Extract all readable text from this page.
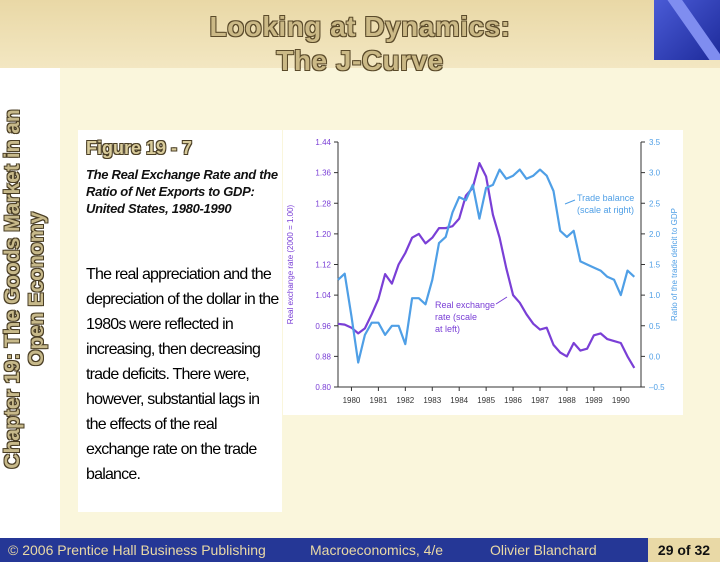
Looking at Dynamics:
The J-Curve
Chapter 19: The Goods Market in an Open Economy
Figure 19 - 7
The Real Exchange Rate and the Ratio of Net Exports to GDP: United States, 1980-1990
The real appreciation and the depreciation of the dollar in the 1980s were reflected in increasing, then decreasing trade deficits. There were, however, substantial lags in the effects of the real exchange rate on the trade balance.
0.80
0.88
0.96
1.04
1.12
1.20
1.28
1.36
1.44
–0.5
0.0
0.5
1.0
1.5
2.0
2.5
3.0
3.5
1980 1981 1982 1983 1984 1985 1986 1987 1988 1989 1990
Real exchange rate (2000 = 1.00)	Ratio of the trade deficit to GDP
Trade balance
(scale at right)
Real exchange
rate (scale
at left)
© 2006 Prentice Hall Business Publishing	Macroeconomics, 4/e	Olivier Blanchard	29 of 32
